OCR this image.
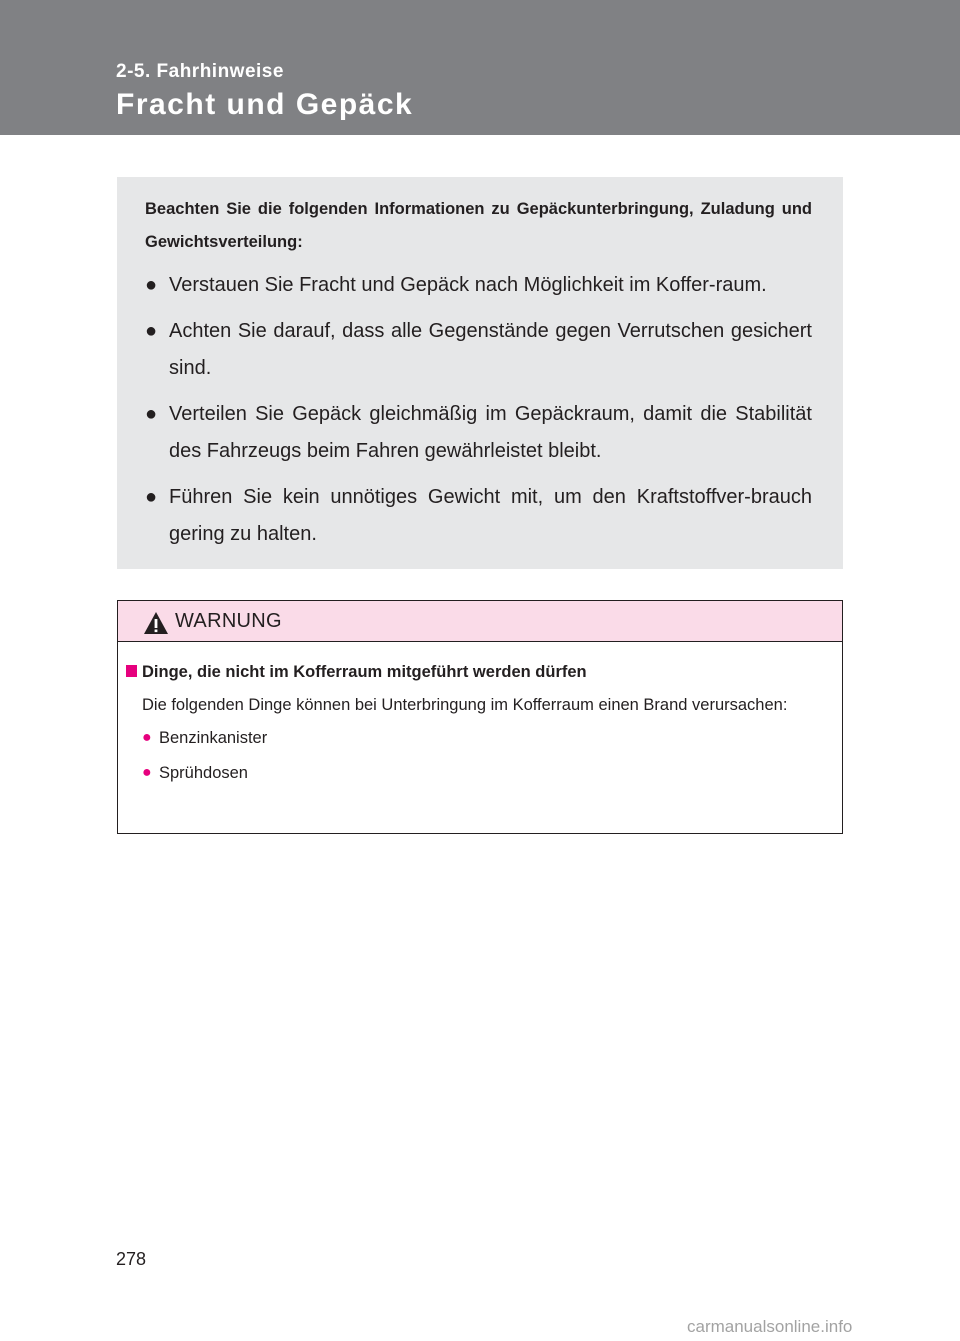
2-5. Fahrhinweise
Fracht und Gepäck

Beachten Sie die folgenden Informationen zu Gepäckunterbringung, Zuladung und Gewichtsverteilung:

● Verstauen Sie Fracht und Gepäck nach Möglichkeit im Koffer-raum.
● Achten Sie darauf, dass alle Gegenstände gegen Verrutschen gesichert sind.
● Verteilen Sie Gepäck gleichmäßig im Gepäckraum, damit die Stabilität des Fahrzeugs beim Fahren gewährleistet bleibt.
● Führen Sie kein unnötiges Gewicht mit, um den Kraftstoffver-brauch gering zu halten.
WARNUNG
Dinge, die nicht im Kofferraum mitgeführt werden dürfen

Die folgenden Dinge können bei Unterbringung im Kofferraum einen Brand verursachen:

● Benzinkanister
● Sprühdosen
278
carmanualsonline.info
